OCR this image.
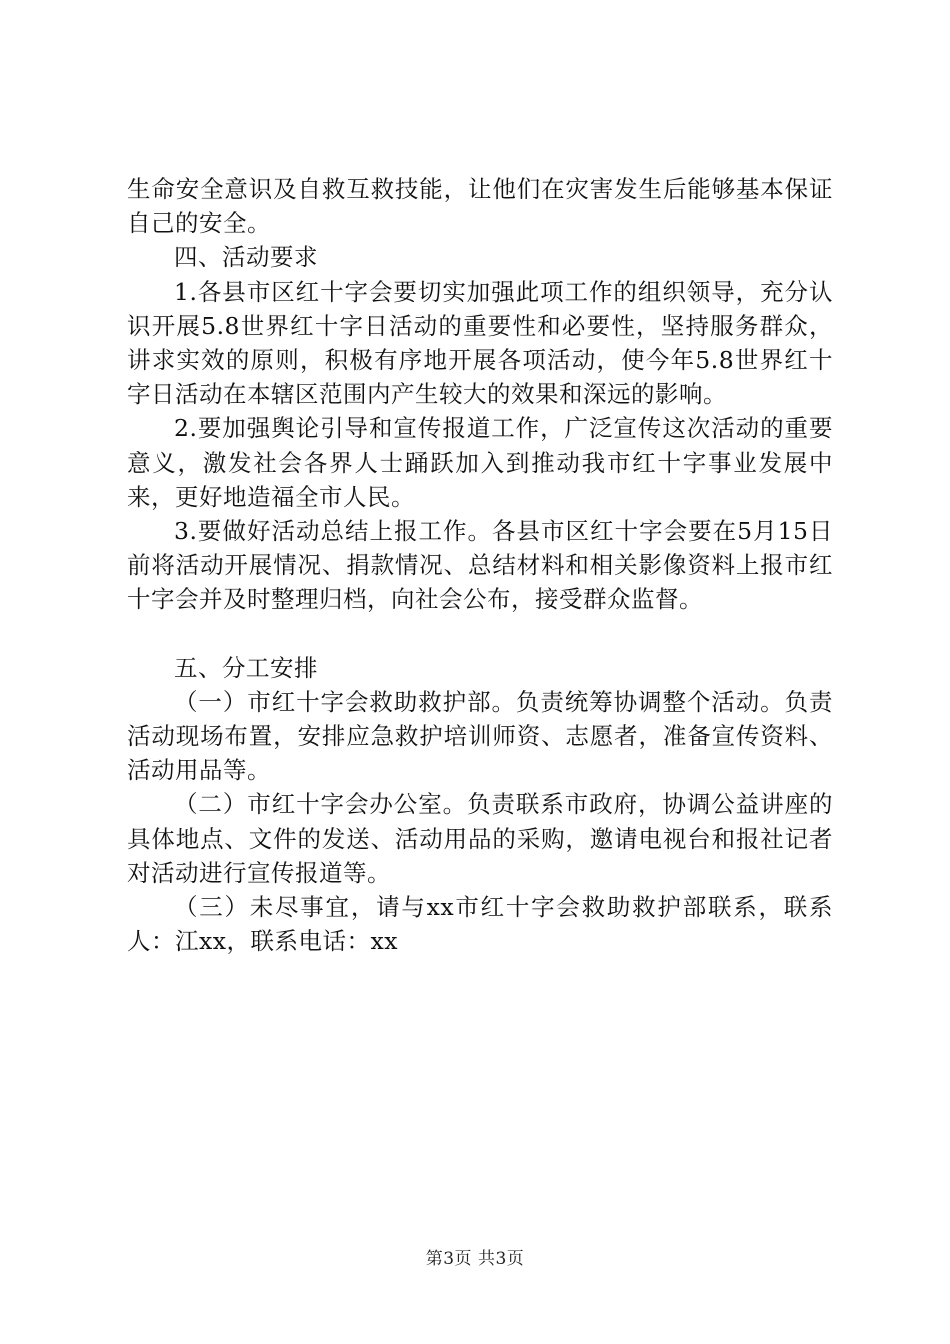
生命安全意识及自救互救技能，让他们在灾害发生后能够基本保证自己的安全。

四、活动要求

1.各县市区红十字会要切实加强此项工作的组织领导，充分认识开展5.8世界红十字日活动的重要性和必要性，坚持服务群众，讲求实效的原则，积极有序地开展各项活动，使今年5.8世界红十字日活动在本辖区范围内产生较大的效果和深远的影响。

2.要加强舆论引导和宣传报道工作，广泛宣传这次活动的重要意义，激发社会各界人士踊跃加入到推动我市红十字事业发展中来，更好地造福全市人民。

3.要做好活动总结上报工作。各县市区红十字会要在5月15日前将活动开展情况、捐款情况、总结材料和相关影像资料上报市红十字会并及时整理归档，向社会公布，接受群众监督。

五、分工安排

（一）市红十字会救助救护部。负责统筹协调整个活动。负责活动现场布置，安排应急救护培训师资、志愿者，准备宣传资料、活动用品等。

（二）市红十字会办公室。负责联系市政府，协调公益讲座的具体地点、文件的发送、活动用品的采购，邀请电视台和报社记者对活动进行宣传报道等。

（三）未尽事宜，请与xx市红十字会救助救护部联系，联系人：江xx，联系电话：xx

第3页 共3页
